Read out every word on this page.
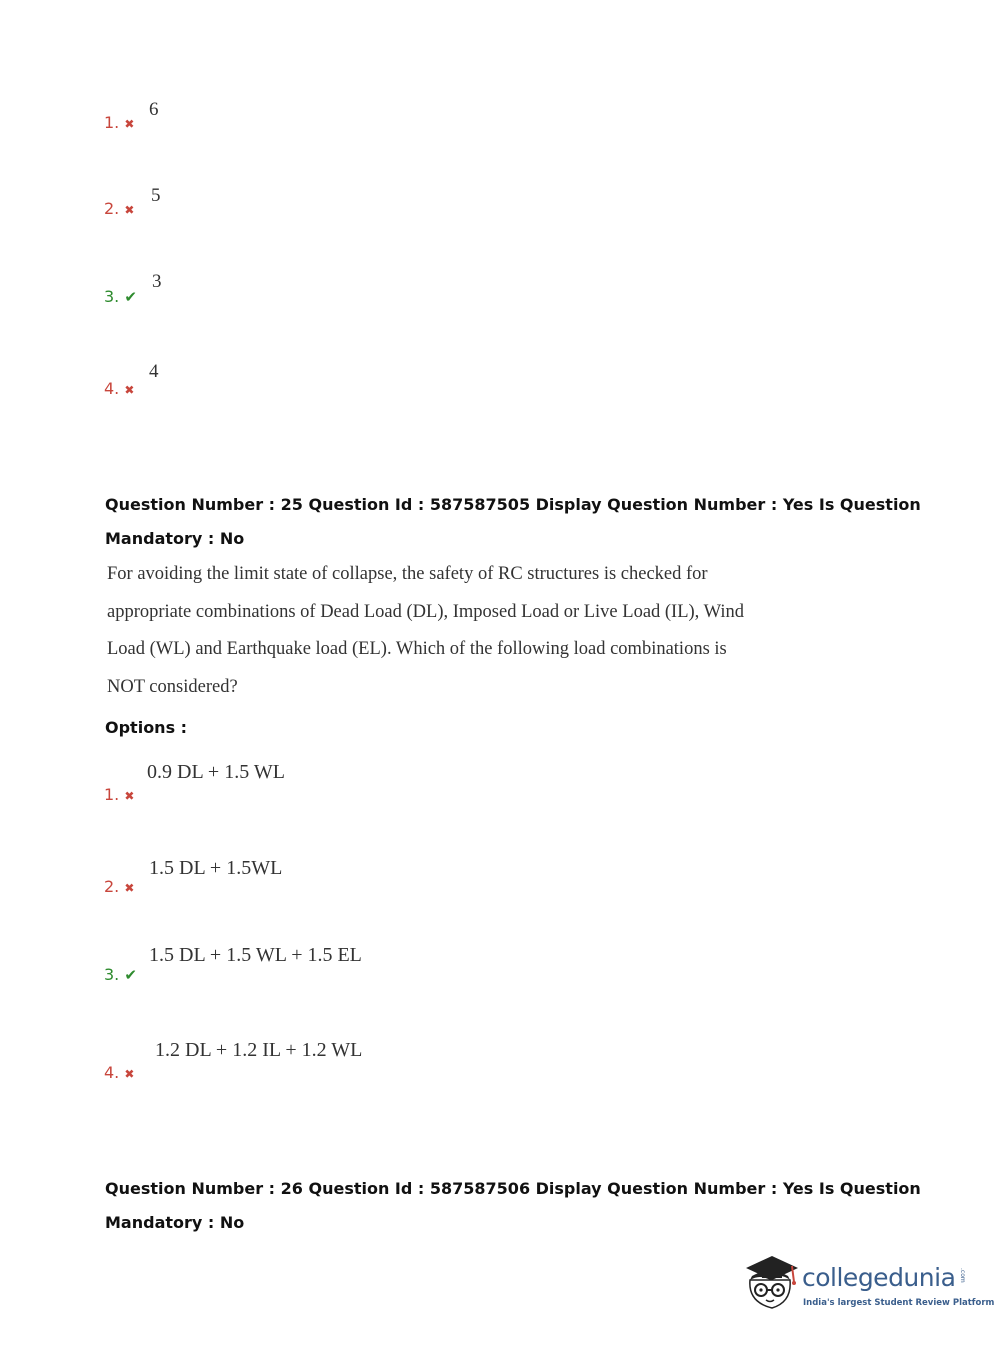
1. ✖
6
2. ✖
5
3. ✔
3
4. ✖
4
Question Number : 25 Question Id : 587587505 Display Question Number : Yes Is Question
Mandatory : No
For avoiding the limit state of collapse, the safety of RC structures is checked for
appropriate combinations of Dead Load (DL), Imposed Load or Live Load (IL), Wind
Load (WL) and Earthquake load (EL). Which of the following load combinations is
NOT considered?
Options :
0.9 DL + 1.5 WL
1. ✖
1.5 DL + 1.5WL
2. ✖
1.5 DL + 1.5 WL + 1.5 EL
3. ✔
1.2 DL + 1.2 IL + 1.2 WL
4. ✖
Question Number : 26 Question Id : 587587506 Display Question Number : Yes Is Question
Mandatory : No
collegedunia .com
India's largest Student Review Platform
